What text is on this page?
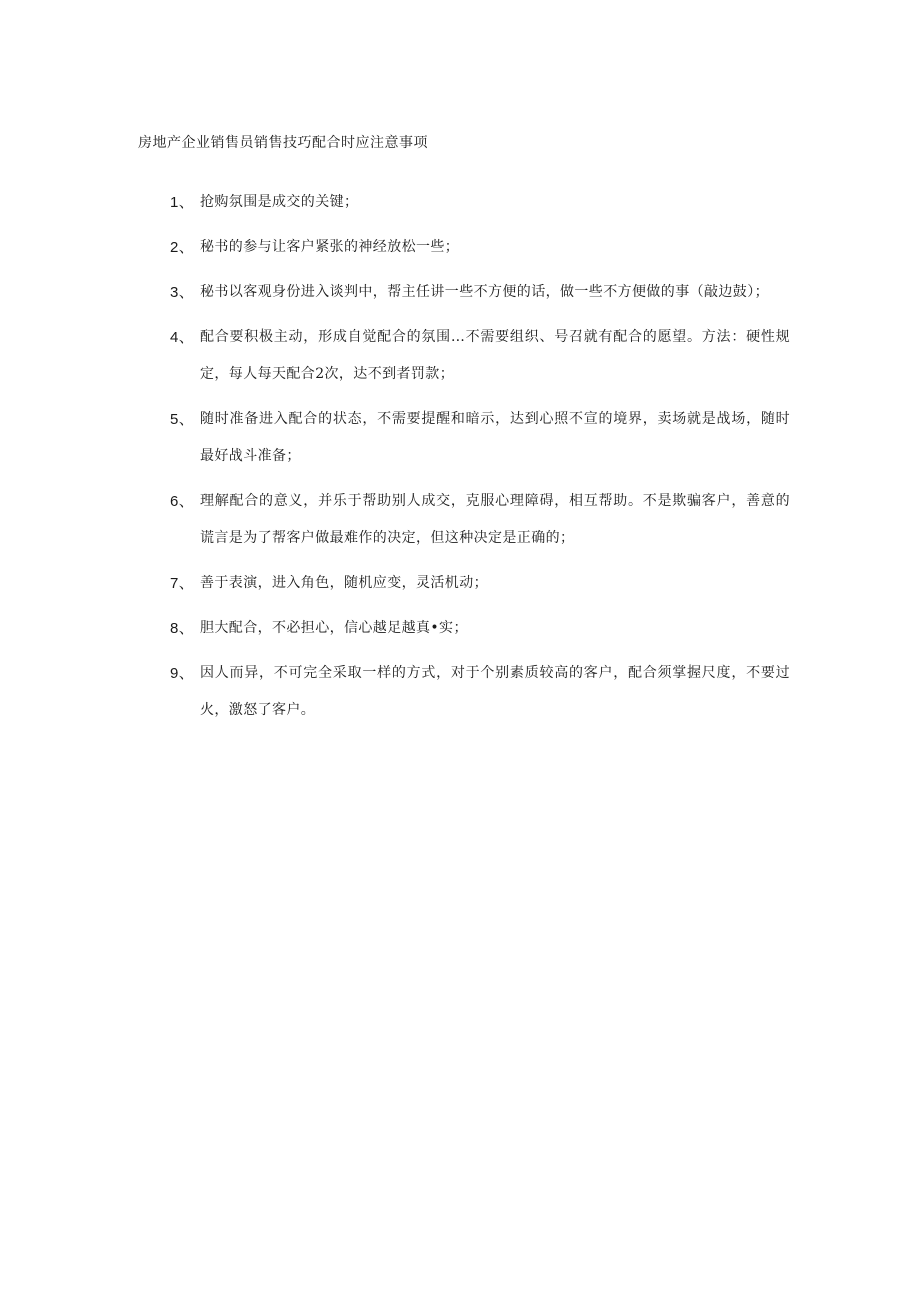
房地产企业销售员销售技巧配合时应注意事项
1、 抢购氛围是成交的关键；
2、 秘书的参与让客户紧张的神经放松一些；
3、 秘书以客观身份进入谈判中，帮主任讲一些不方便的话，做一些不方便做的事（敲边鼓）；
4、 配合要积极主动，形成自觉配合的氛围…不需要组织、号召就有配合的愿望。方法：硬性规定，每人每天配合2次，达不到者罚款；
5、 随时准备进入配合的状态，不需要提醒和暗示，达到心照不宣的境界，卖场就是战场，随时最好战斗准备；
6、 理解配合的意义，并乐于帮助别人成交，克服心理障碍，相互帮助。不是欺骗客户，善意的谎言是为了帮客户做最难作的决定，但这种决定是正确的；
7、 善于表演，进入角色，随机应变，灵活机动；
8、 胆大配合，不必担心，信心越足越真•实；
9、 因人而异，不可完全采取一样的方式，对于个别素质较高的客户，配合须掌握尺度，不要过火，激怒了客户。
